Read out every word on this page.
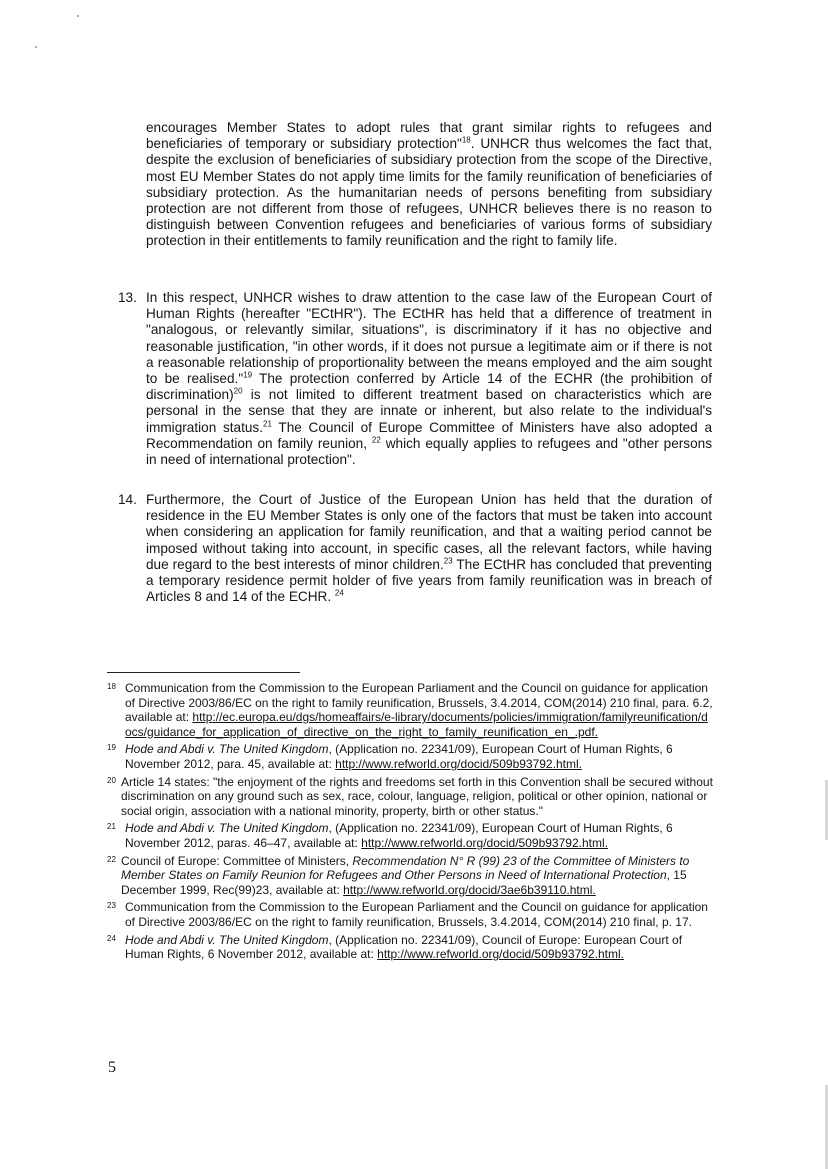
encourages Member States to adopt rules that grant similar rights to refugees and beneficiaries of temporary or subsidiary protection"$^{18}$. UNHCR thus welcomes the fact that, despite the exclusion of beneficiaries of subsidiary protection from the scope of the Directive, most EU Member States do not apply time limits for the family reunification of beneficiaries of subsidiary protection. As the humanitarian needs of persons benefiting from subsidiary protection are not different from those of refugees, UNHCR believes there is no reason to distinguish between Convention refugees and beneficiaries of various forms of subsidiary protection in their entitlements to family reunification and the right to family life.
13. In this respect, UNHCR wishes to draw attention to the case law of the European Court of Human Rights (hereafter "ECtHR"). The ECtHR has held that a difference of treatment in "analogous, or relevantly similar, situations", is discriminatory if it has no objective and reasonable justification, "in other words, if it does not pursue a legitimate aim or if there is not a reasonable relationship of proportionality between the means employed and the aim sought to be realised."$^{19}$ The protection conferred by Article 14 of the ECHR (the prohibition of discrimination)$^{20}$ is not limited to different treatment based on characteristics which are personal in the sense that they are innate or inherent, but also relate to the individual's immigration status.$^{21}$ The Council of Europe Committee of Ministers have also adopted a Recommendation on family reunion, $^{22}$ which equally applies to refugees and "other persons in need of international protection".
14. Furthermore, the Court of Justice of the European Union has held that the duration of residence in the EU Member States is only one of the factors that must be taken into account when considering an application for family reunification, and that a waiting period cannot be imposed without taking into account, in specific cases, all the relevant factors, while having due regard to the best interests of minor children.$^{23}$ The ECtHR has concluded that preventing a temporary residence permit holder of five years from family reunification was in breach of Articles 8 and 14 of the ECHR. $^{24}$
18 Communication from the Commission to the European Parliament and the Council on guidance for application of Directive 2003/86/EC on the right to family reunification, Brussels, 3.4.2014, COM(2014) 210 final, para. 6.2, available at: http://ec.europa.eu/dgs/homeaffairs/e-library/documents/policies/immigration/familyreunification/docs/guidance_for_application_of_directive_on_the_right_to_family_reunification_en_.pdf.
19 Hode and Abdi v. The United Kingdom, (Application no. 22341/09), European Court of Human Rights, 6 November 2012, para. 45, available at: http://www.refworld.org/docid/509b93792.html.
20 Article 14 states: "the enjoyment of the rights and freedoms set forth in this Convention shall be secured without discrimination on any ground such as sex, race, colour, language, religion, political or other opinion, national or social origin, association with a national minority, property, birth or other status."
21 Hode and Abdi v. The United Kingdom, (Application no. 22341/09), European Court of Human Rights, 6 November 2012, paras. 46–47, available at: http://www.refworld.org/docid/509b93792.html.
22 Council of Europe: Committee of Ministers, Recommendation N° R (99) 23 of the Committee of Ministers to Member States on Family Reunion for Refugees and Other Persons in Need of International Protection, 15 December 1999, Rec(99)23, available at: http://www.refworld.org/docid/3ae6b39110.html.
23 Communication from the Commission to the European Parliament and the Council on guidance for application of Directive 2003/86/EC on the right to family reunification, Brussels, 3.4.2014, COM(2014) 210 final, p. 17.
24 Hode and Abdi v. The United Kingdom, (Application no. 22341/09), Council of Europe: European Court of Human Rights, 6 November 2012, available at: http://www.refworld.org/docid/509b93792.html.
5
